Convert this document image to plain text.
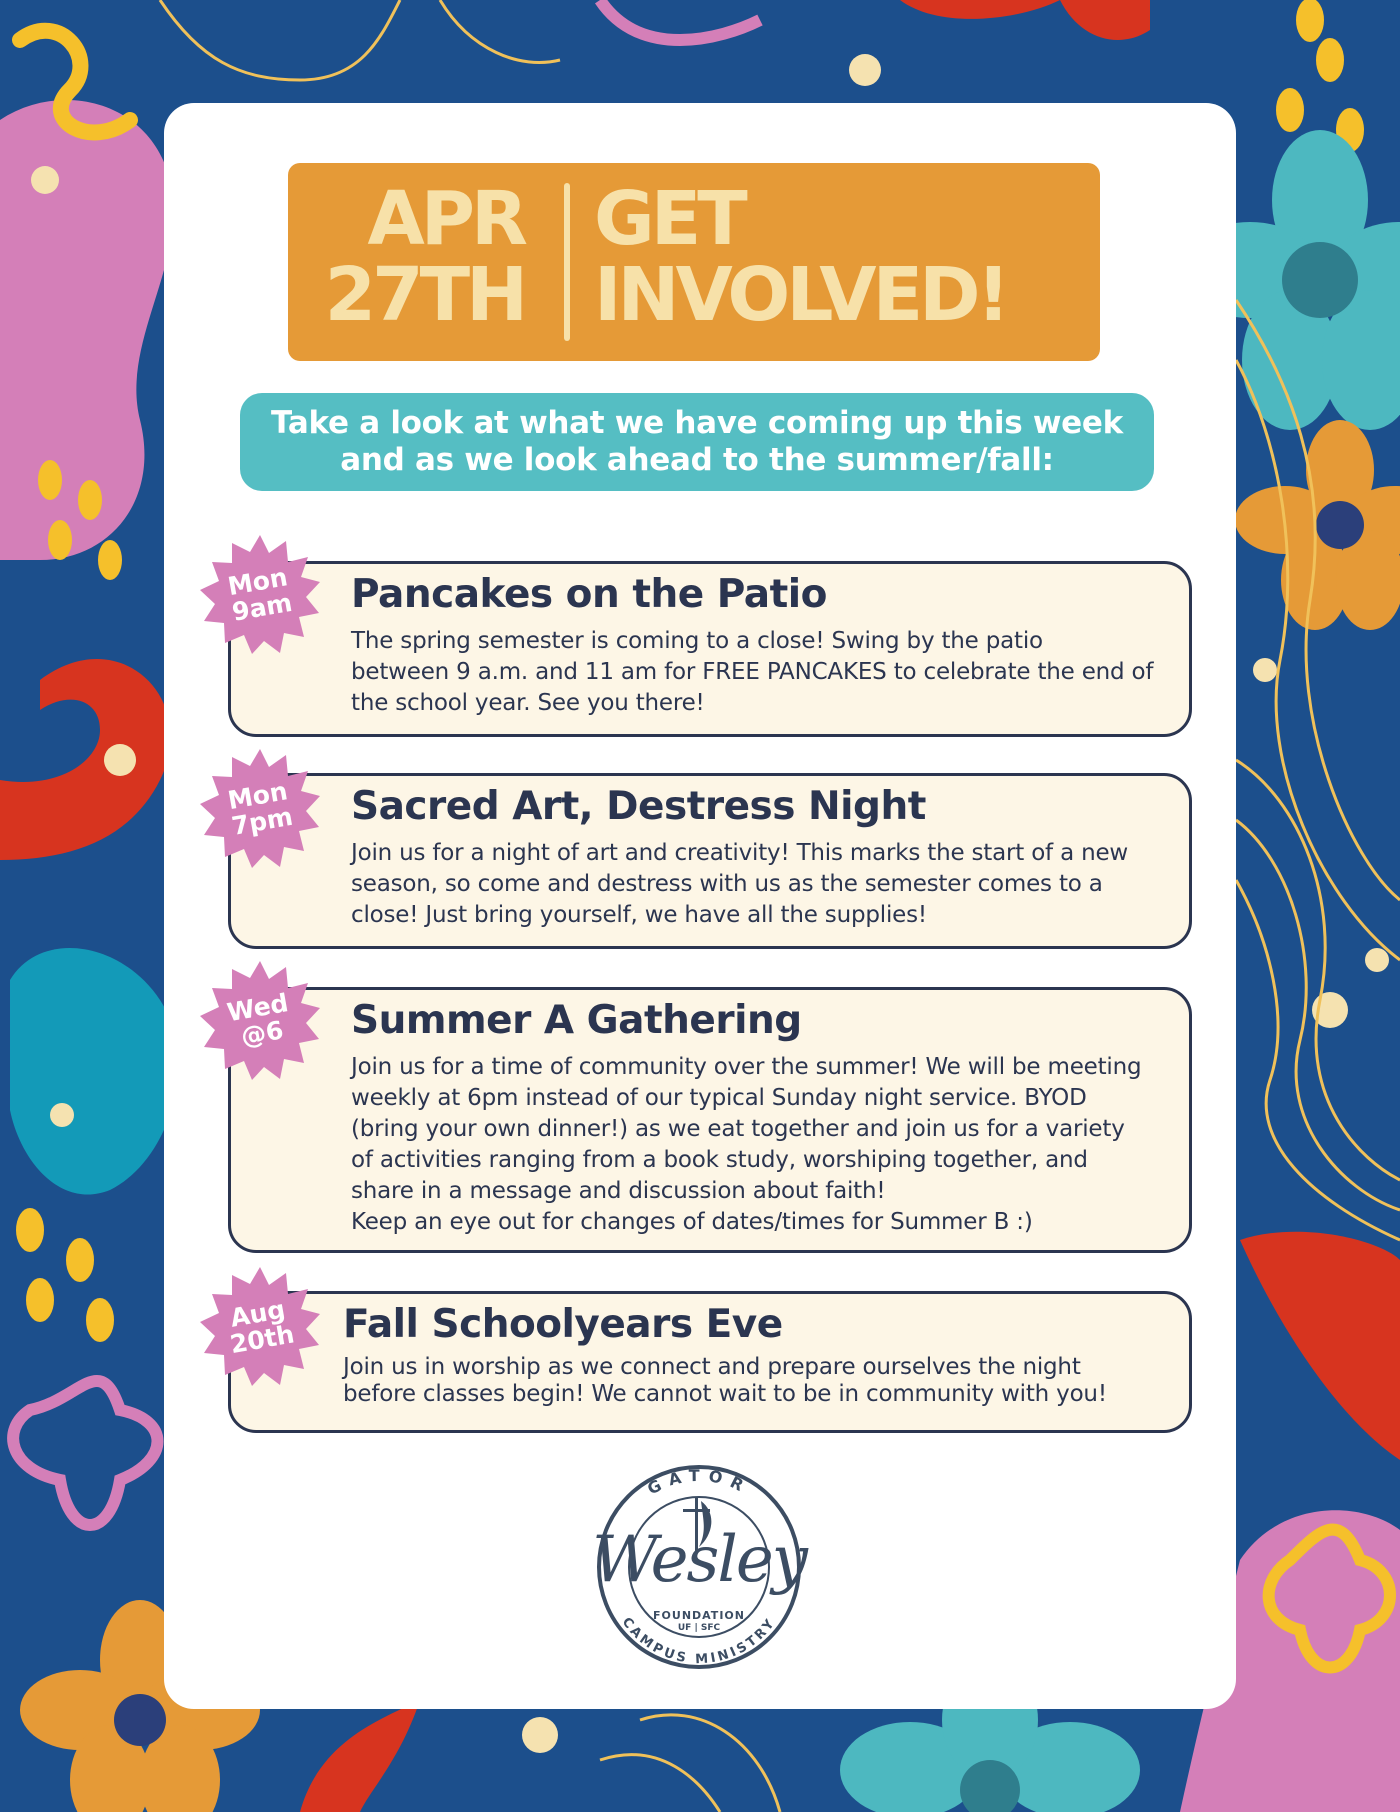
APR
27TH
GET
INVOLVED!
Take a look at what we have coming up this week and as we look ahead to the summer/fall:
Pancakes on the Patio
The spring semester is coming to a close! Swing by the patio
between 9 a.m. and 11 am for FREE PANCAKES to celebrate the end of
the school year. See you there!
Mon
9am
Sacred Art, Destress Night
Join us for a night of art and creativity! This marks the start of a new
season, so come and destress with us as the semester comes to a
close! Just bring yourself, we have all the supplies!
Mon
7pm
Summer A Gathering
Join us for a time of community over the summer! We will be meeting
weekly at 6pm instead of our typical Sunday night service. BYOD
(bring your own dinner!) as we eat together and join us for a variety
of activities ranging from a book study, worshiping together, and
share in a message and discussion about faith!
Keep an eye out for changes of dates/times for Summer B :)
Wed
@6
Fall Schoolyears Eve
Join us in worship as we connect and prepare ourselves the night
before classes begin! We cannot wait to be in community with you!
Aug
20th
GATOR
CAMPUS MINISTRY
Wesley
FOUNDATION
UF | SFC
